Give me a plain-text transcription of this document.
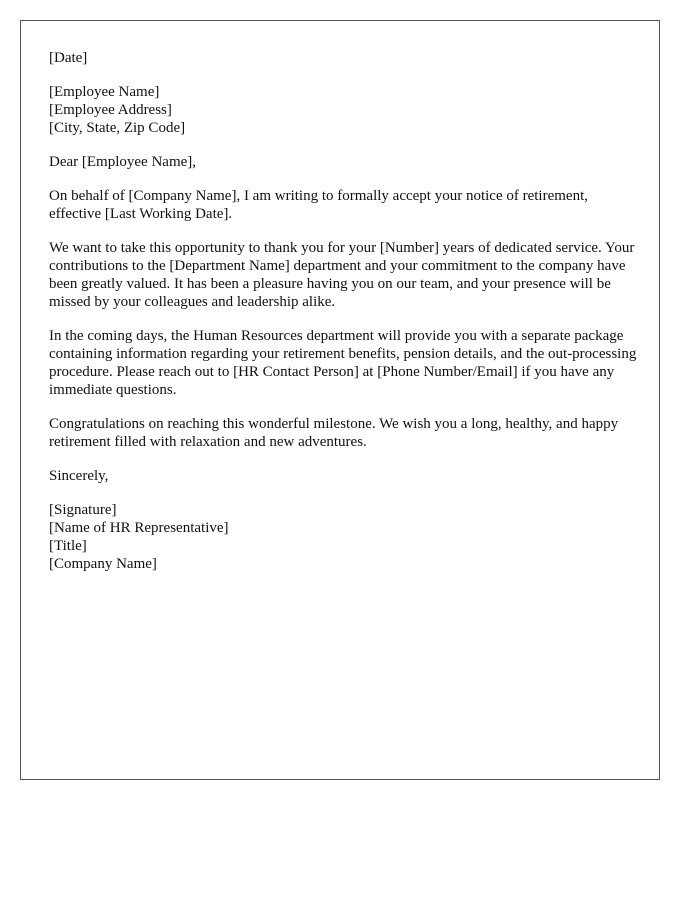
[Date]
[Employee Name]
[Employee Address]
[City, State, Zip Code]
Dear [Employee Name],

On behalf of [Company Name], I am writing to formally accept your notice of retirement, effective [Last Working Date].

We want to take this opportunity to thank you for your [Number] years of dedicated service. Your contributions to the [Department Name] department and your commitment to the company have been greatly valued. It has been a pleasure having you on our team, and your presence will be missed by your colleagues and leadership alike.

In the coming days, the Human Resources department will provide you with a separate package containing information regarding your retirement benefits, pension details, and the out-processing procedure. Please reach out to [HR Contact Person] at [Phone Number/Email] if you have any immediate questions.

Congratulations on reaching this wonderful milestone. We wish you a long, healthy, and happy retirement filled with relaxation and new adventures.

Sincerely,
[Signature]
[Name of HR Representative]
[Title]
[Company Name]
